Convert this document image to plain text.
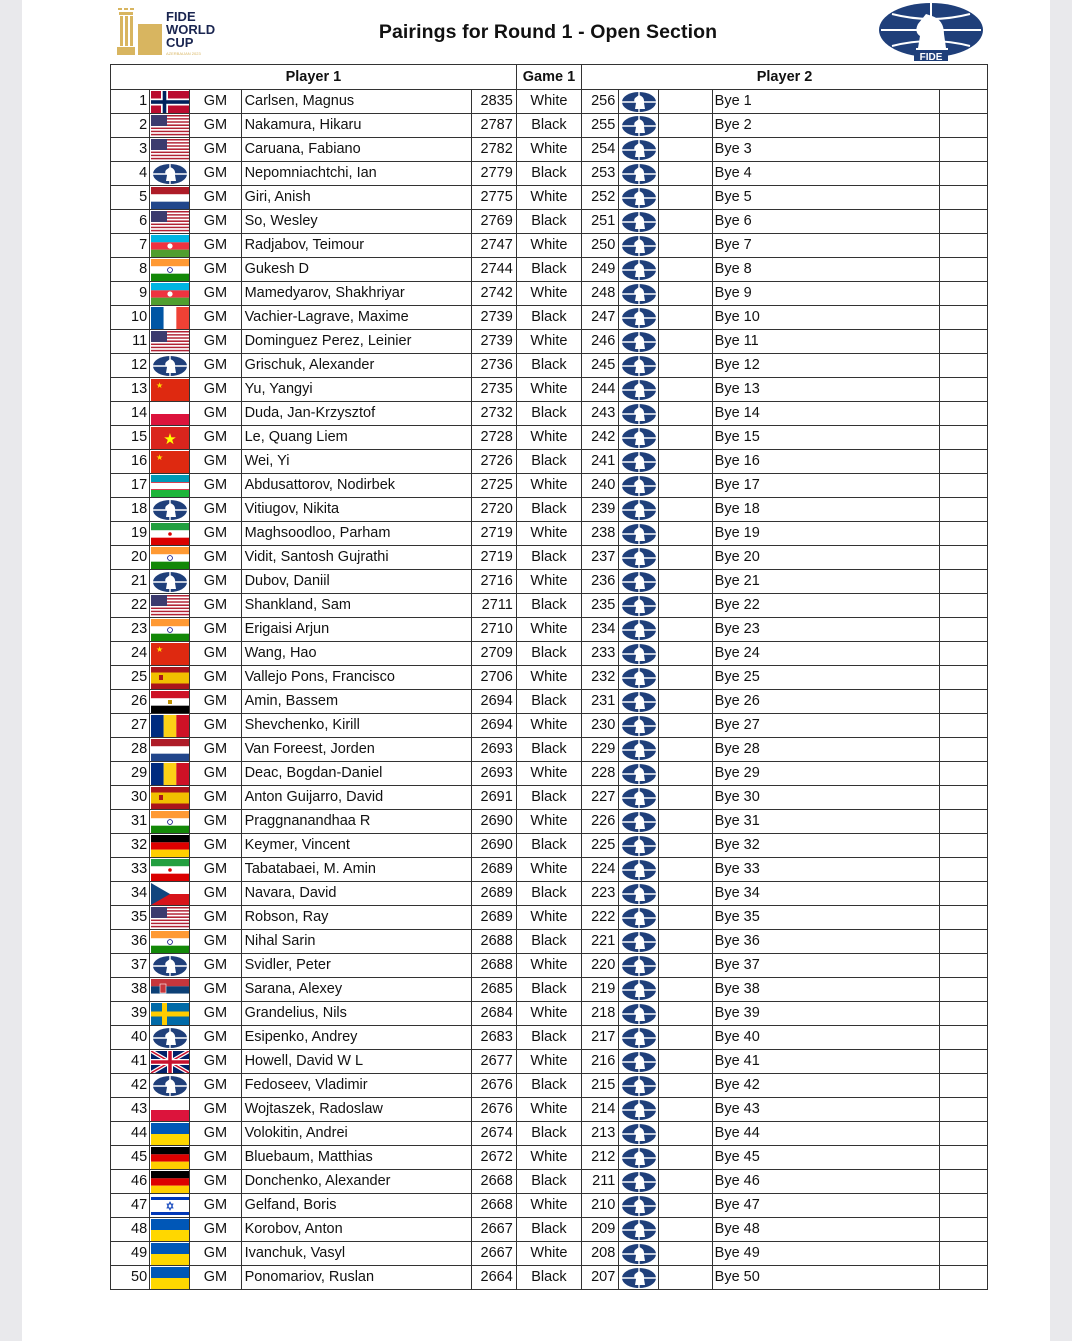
FIDE
WORLD
CUP
AZERBAIJAN 2023
Pairings for Round 1 - Open Section
FIDE
Player 1					Game 1	Player 2				
1		GM	Carlsen, Magnus	2835	White	256			Bye 1	
2		GM	Nakamura, Hikaru	2787	Black	255			Bye 2	
3		GM	Caruana, Fabiano	2782	White	254			Bye 3	
4		GM	Nepomniachtchi, Ian	2779	Black	253			Bye 4	
5		GM	Giri, Anish	2775	White	252			Bye 5	
6		GM	So, Wesley	2769	Black	251			Bye 6	
7		GM	Radjabov, Teimour	2747	White	250			Bye 7	
8		GM	Gukesh D	2744	Black	249			Bye 8	
9		GM	Mamedyarov, Shakhriyar	2742	White	248			Bye 9	
10		GM	Vachier-Lagrave, Maxime	2739	Black	247			Bye 10	
11		GM	Dominguez Perez, Leinier	2739	White	246			Bye 11	
12		GM	Grischuk, Alexander	2736	Black	245			Bye 12	
13	★	GM	Yu, Yangyi	2735	White	244			Bye 13	
14		GM	Duda, Jan-Krzysztof	2732	Black	243			Bye 14	
15	★	GM	Le, Quang Liem	2728	White	242			Bye 15	
16	★	GM	Wei, Yi	2726	Black	241			Bye 16	
17		GM	Abdusattorov, Nodirbek	2725	White	240			Bye 17	
18		GM	Vitiugov, Nikita	2720	Black	239			Bye 18	
19		GM	Maghsoodloo, Parham	2719	White	238			Bye 19	
20		GM	Vidit, Santosh Gujrathi	2719	Black	237			Bye 20	
21		GM	Dubov, Daniil	2716	White	236			Bye 21	
22		GM	Shankland, Sam	2711	Black	235			Bye 22	
23		GM	Erigaisi Arjun	2710	White	234			Bye 23	
24	★	GM	Wang, Hao	2709	Black	233			Bye 24	
25		GM	Vallejo Pons, Francisco	2706	White	232			Bye 25	
26		GM	Amin, Bassem	2694	Black	231			Bye 26	
27		GM	Shevchenko, Kirill	2694	White	230			Bye 27	
28		GM	Van Foreest, Jorden	2693	Black	229			Bye 28	
29		GM	Deac, Bogdan-Daniel	2693	White	228			Bye 29	
30		GM	Anton Guijarro, David	2691	Black	227			Bye 30	
31		GM	Praggnanandhaa R	2690	White	226			Bye 31	
32		GM	Keymer, Vincent	2690	Black	225			Bye 32	
33		GM	Tabatabaei, M. Amin	2689	White	224			Bye 33	
34		GM	Navara, David	2689	Black	223			Bye 34	
35		GM	Robson, Ray	2689	White	222			Bye 35	
36		GM	Nihal Sarin	2688	Black	221			Bye 36	
37		GM	Svidler, Peter	2688	White	220			Bye 37	
38		GM	Sarana, Alexey	2685	Black	219			Bye 38	
39		GM	Grandelius, Nils	2684	White	218			Bye 39	
40		GM	Esipenko, Andrey	2683	Black	217			Bye 40	
41		GM	Howell, David W L	2677	White	216			Bye 41	
42		GM	Fedoseev, Vladimir	2676	Black	215			Bye 42	
43		GM	Wojtaszek, Radoslaw	2676	White	214			Bye 43	
44		GM	Volokitin, Andrei	2674	Black	213			Bye 44	
45		GM	Bluebaum, Matthias	2672	White	212			Bye 45	
46		GM	Donchenko, Alexander	2668	Black	211			Bye 46	
47		GM	Gelfand, Boris	2668	White	210			Bye 47	
48		GM	Korobov, Anton	2667	Black	209			Bye 48	
49		GM	Ivanchuk, Vasyl	2667	White	208			Bye 49	
50		GM	Ponomariov, Ruslan	2664	Black	207			Bye 50	
